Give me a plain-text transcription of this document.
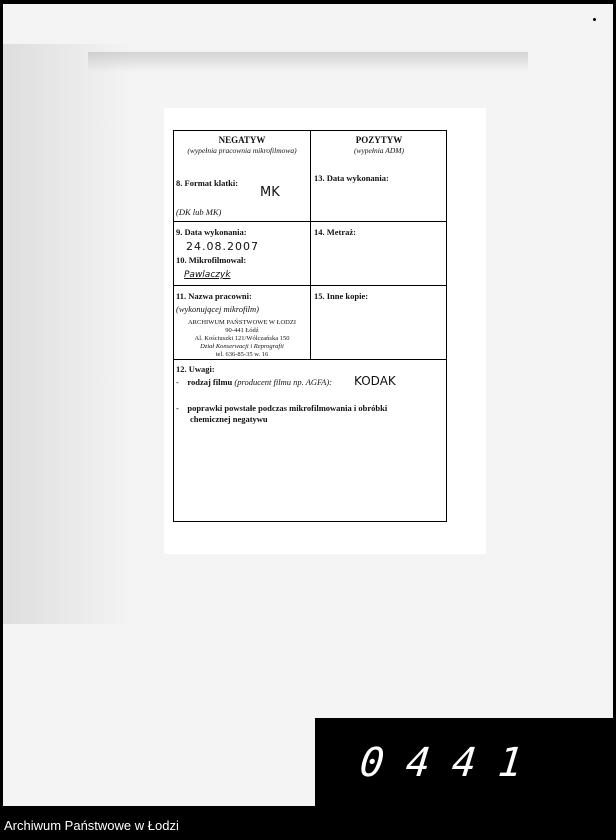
NEGATYW
(wypełnia pracownia mikrofilmowa)
8. Format klatki:
MK
(DK lub MK)
POZYTYW
(wypełnia ADM)
13. Data wykonania:
9. Data wykonania:
24.08.2007
10. Mikrofilmował:
Pawlaczyk
14. Metraż:
11. Nazwa pracowni:
(wykonującej mikrofilm)
ARCHIWUM PAŃSTWOWE W ŁODZI
90-441 Łódź
Al. Kościuszki 121/Wólczańska 150
Dział Konserwacji i Reprografii
tel. 636-85-35 w. 16
15. Inne kopie:
12. Uwagi:
- rodzaj filmu (producent filmu np. AGFA): KODAK
- poprawki powstałe podczas mikrofilmowania i obróbki
chemicznej negatywu
0441
Archiwum Państwowe w Łodzi
